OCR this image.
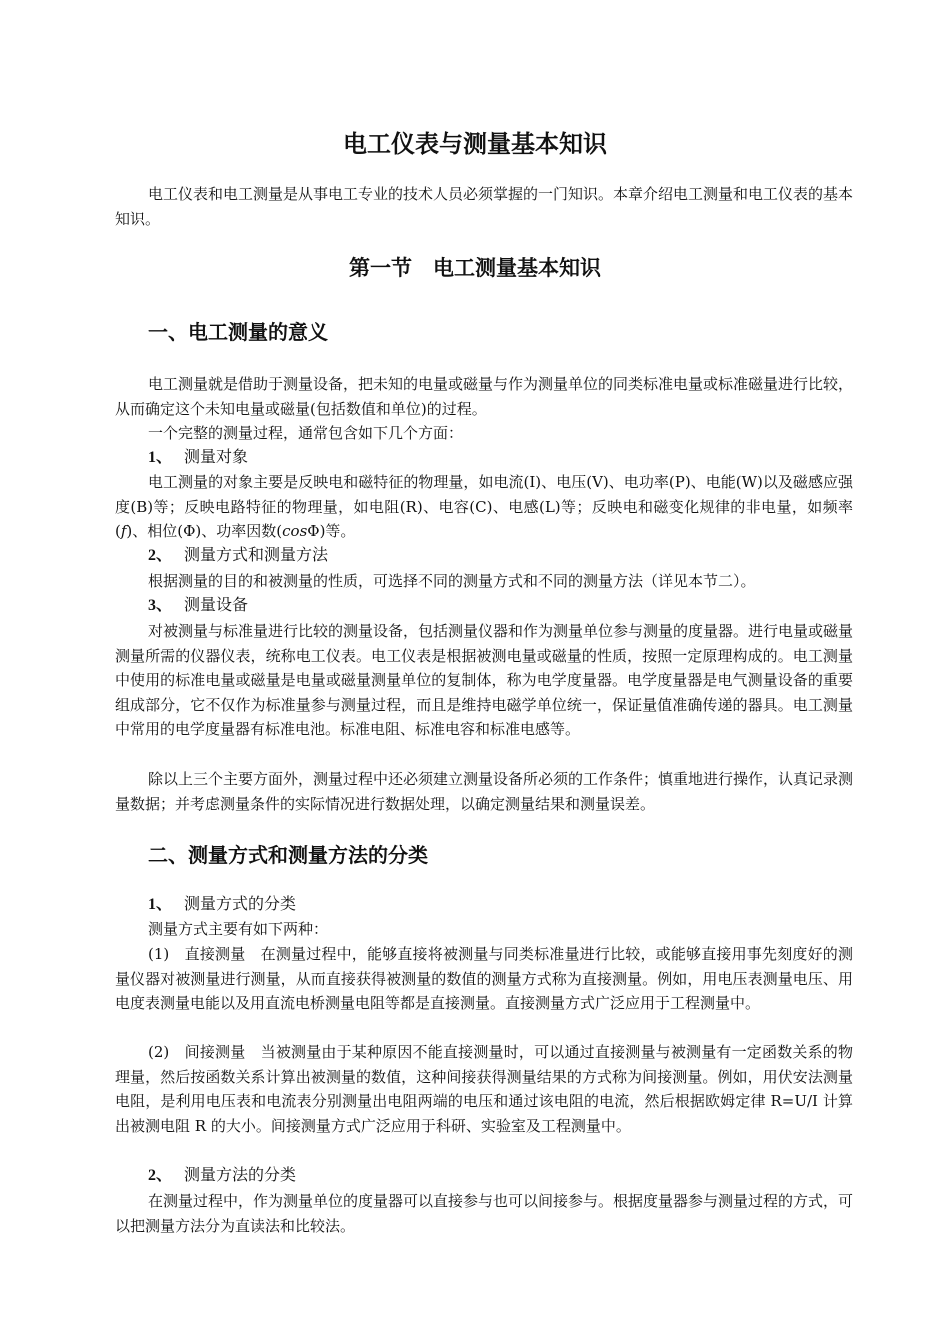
电工仪表与测量基本知识

电工仪表和电工测量是从事电工专业的技术人员必须掌握的一门知识。本章介绍电工测量和电工仪表的基本知识。

第一节　电工测量基本知识
一、电工测量的意义

电工测量就是借助于测量设备，把未知的电量或磁量与作为测量单位的同类标准电量或标准磁量进行比较，从而确定这个未知电量或磁量(包括数值和单位)的过程。

一个完整的测量过程，通常包含如下几个方面：

1、 测量对象

电工测量的对象主要是反映电和磁特征的物理量，如电流(I)、电压(V)、电功率(P)、电能(W)以及磁感应强度(B)等；反映电路特征的物理量，如电阻(R)、电容(C)、电感(L)等；反映电和磁变化规律的非电量，如频率(f)、相位(Φ)、功率因数(cosΦ)等。

2、 测量方式和测量方法

根据测量的目的和被测量的性质，可选择不同的测量方式和不同的测量方法（详见本节二）。

3、 测量设备

对被测量与标准量进行比较的测量设备，包括测量仪器和作为测量单位参与测量的度量器。进行电量或磁量测量所需的仪器仪表，统称电工仪表。电工仪表是根据被测电量或磁量的性质，按照一定原理构成的。电工测量中使用的标准电量或磁量是电量或磁量测量单位的复制体，称为电学度量器。电学度量器是电气测量设备的重要组成部分，它不仅作为标准量参与测量过程，而且是维持电磁学单位统一，保证量值准确传递的器具。电工测量中常用的电学度量器有标准电池。标准电阻、标准电容和标准电感等。

除以上三个主要方面外，测量过程中还必须建立测量设备所必须的工作条件；慎重地进行操作，认真记录测量数据；并考虑测量条件的实际情况进行数据处理，以确定测量结果和测量误差。

二、测量方式和测量方法的分类
1、 测量方式的分类

测量方式主要有如下两种：

(1)　 直接测量　 在测量过程中，能够直接将被测量与同类标准量进行比较，或能够直接用事先刻度好的测量仪器对被测量进行测量，从而直接获得被测量的数值的测量方式称为直接测量。例如，用电压表测量电压、用电度表测量电能以及用直流电桥测量电阻等都是直接测量。直接测量方式广泛应用于工程测量中。

(2)　 间接测量　 当被测量由于某种原因不能直接测量时，可以通过直接测量与被测量有一定函数关系的物理量，然后按函数关系计算出被测量的数值，这种间接获得测量结果的方式称为间接测量。例如，用伏安法测量电阻，是利用电压表和电流表分别测量出电阻两端的电压和通过该电阻的电流，然后根据欧姆定律 R=U/I 计算出被测电阻 R 的大小。间接测量方式广泛应用于科研、实验室及工程测量中。

2、 测量方法的分类

在测量过程中，作为测量单位的度量器可以直接参与也可以间接参与。根据度量器参与测量过程的方式，可以把测量方法分为直读法和比较法。
